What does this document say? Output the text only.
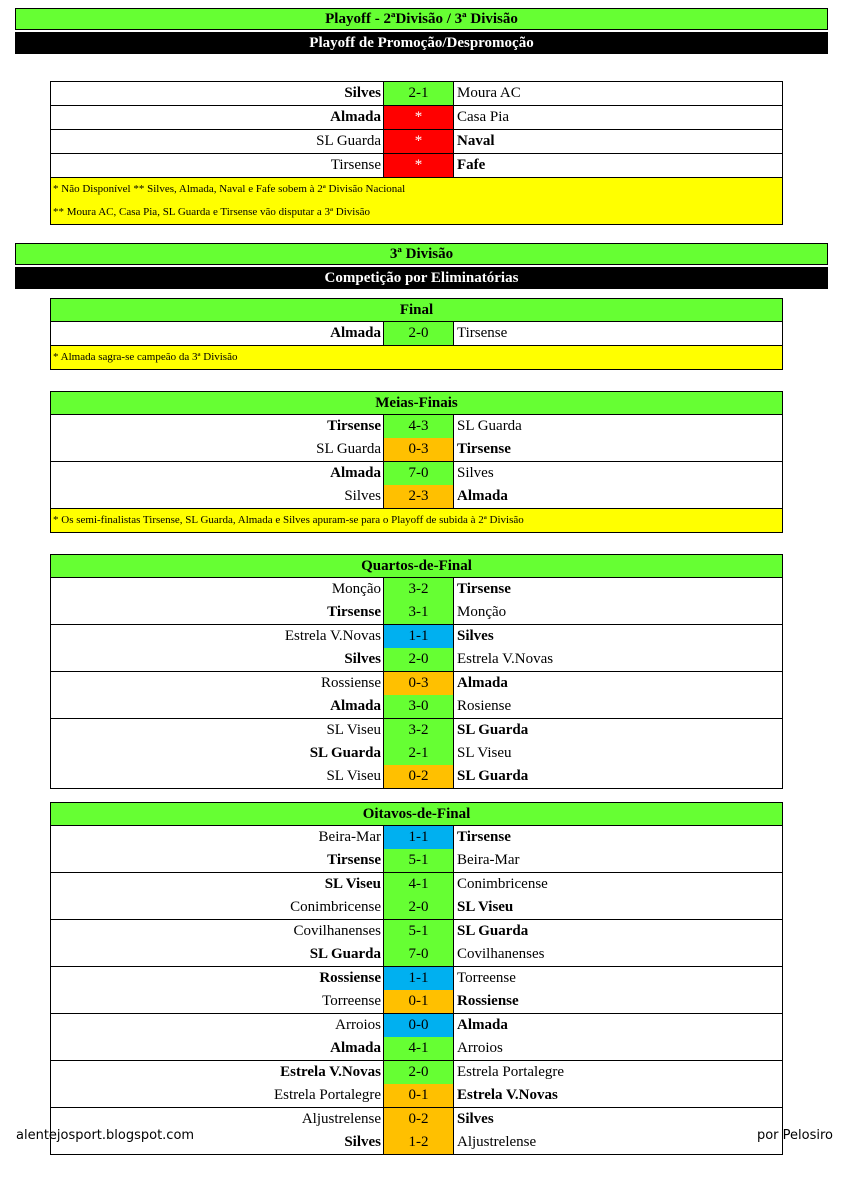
Playoff - 2ªDivisão / 3ª Divisão
Playoff de Promoção/Despromoção
Silves	2-1	Moura AC
Almada	*	Casa Pia
SL Guarda	*	Naval
Tirsense	*	Fafe
* Não Disponível ** Silves, Almada, Naval e Fafe sobem à 2ª Divisão Nacional
** Moura AC, Casa Pia, SL Guarda e Tirsense vão disputar a 3ª Divisão
3ª Divisão
Competição por Eliminatórias
Final
Almada	2-0	Tirsense
* Almada sagra-se campeão da 3ª Divisão
Meias-Finais
Tirsense	4-3	SL Guarda
SL Guarda	0-3	Tirsense
Almada	7-0	Silves
Silves	2-3	Almada
* Os semi-finalistas Tirsense, SL Guarda, Almada e Silves apuram-se para o Playoff de subida à 2ª Divisão
Quartos-de-Final
Monção	3-2	Tirsense
Tirsense	3-1	Monção
Estrela V.Novas	1-1	Silves
Silves	2-0	Estrela V.Novas
Rossiense	0-3	Almada
Almada	3-0	Rosiense
SL Viseu	3-2	SL Guarda
SL Guarda	2-1	SL Viseu
SL Viseu	0-2	SL Guarda
Oitavos-de-Final
Beira-Mar	1-1	Tirsense
Tirsense	5-1	Beira-Mar
SL Viseu	4-1	Conimbricense
Conimbricense	2-0	SL Viseu
Covilhanenses	5-1	SL Guarda
SL Guarda	7-0	Covilhanenses
Rossiense	1-1	Torreense
Torreense	0-1	Rossiense
Arroios	0-0	Almada
Almada	4-1	Arroios
Estrela V.Novas	2-0	Estrela Portalegre
Estrela Portalegre	0-1	Estrela V.Novas
Aljustrelense	0-2	Silves
Silves	1-2	Aljustrelense
alentejosport.blogspot.com	por Pelosiro
